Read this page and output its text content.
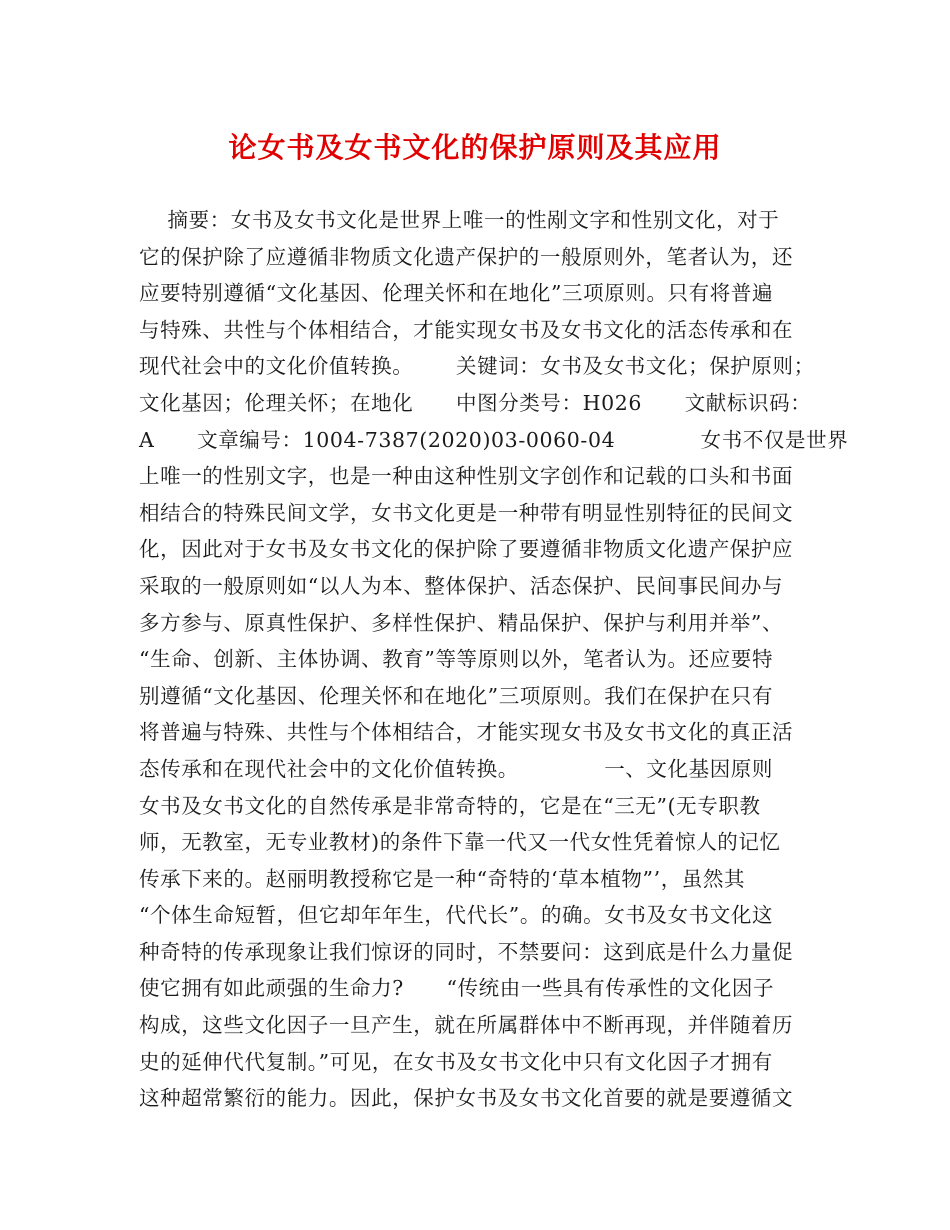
论女书及女书文化的保护原则及其应用
摘要：女书及女书文化是世界上唯一的性剐文字和性别文化，对于
它的保护除了应遵循非物质文化遗产保护的一般原则外，笔者认为，还
应要特别遵循“文化基因、伦理关怀和在地化”三项原则。只有将普遍
与特殊、共性与个体相结合，才能实现女书及女书文化的活态传承和在
现代社会中的文化价值转换。      关键词：女书及女书文化；保护原则；
文化基因；伦理关怀；在地化      中图分类号：H026      文献标识码：
A      文章编号：1004-7387(2020)03-0060-04            女书不仅是世界
上唯一的性别文字，也是一种由这种性别文字创作和记载的口头和书面
相结合的特殊民间文学，女书文化更是一种带有明显性别特征的民间文
化，因此对于女书及女书文化的保护除了要遵循非物质文化遗产保护应
采取的一般原则如“以人为本、整体保护、活态保护、民间事民间办与
多方参与、原真性保护、多样性保护、精品保护、保护与利用并举”、
“生命、创新、主体协调、教育”等等原则以外，笔者认为。还应要特
别遵循“文化基因、伦理关怀和在地化”三项原则。我们在保护在只有
将普遍与特殊、共性与个体相结合，才能实现女书及女书文化的真正活
态传承和在现代社会中的文化价值转换。            一、文化基因原则
女书及女书文化的自然传承是非常奇特的，它是在“三无”(无专职教
师，无教室，无专业教材)的条件下靠一代又一代女性凭着惊人的记忆
传承下来的。赵丽明教授称它是一种“奇特的‘草本植物”’，虽然其
“个体生命短暂，但它却年年生，代代长”。的确。女书及女书文化这
种奇特的传承现象让我们惊讶的同时，不禁要问：这到底是什么力量促
使它拥有如此顽强的生命力?      “传统由一些具有传承性的文化因子
构成，这些文化因子一旦产生，就在所属群体中不断再现，并伴随着历
史的延伸代代复制。”可见，在女书及女书文化中只有文化因子才拥有
这种超常繁衍的能力。因此，保护女书及女书文化首要的就是要遵循文
